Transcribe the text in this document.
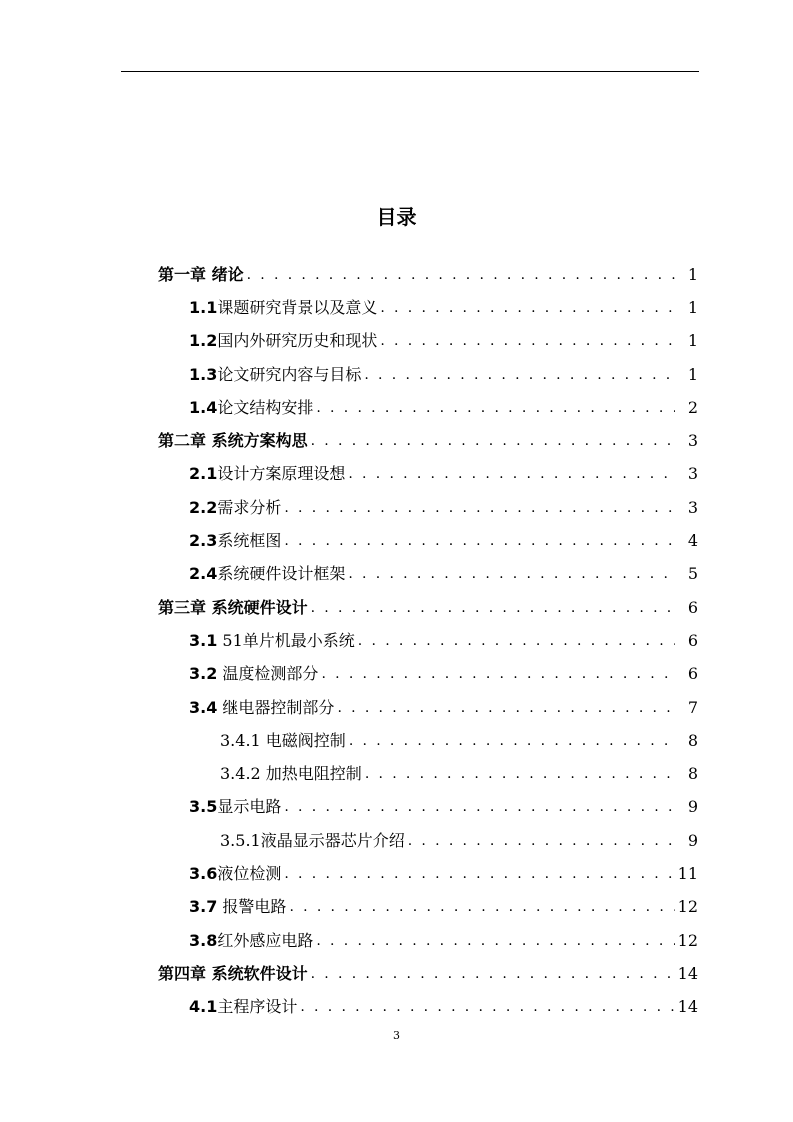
目录
第一章 绪论 . . .	1
1.1 课题研究背景以及意义 . . .	1
1.2 国内外研究历史和现状 . . .	1
1.3 论文研究内容与目标 . . .	1
1.4 论文结构安排 . . .	2
第二章 系统方案构思 . . .	3
2.1 设计方案原理设想 . . .	3
2.2 需求分析 . . .	3
2.3 系统框图 . . .	4
2.4 系统硬件设计框架 . . .	5
第三章 系统硬件设计 . . .	6
3.1 51单片机最小系统 . . .	6
3.2 温度检测部分 . . .	6
3.4 继电器控制部分 . . .	7
3.4.1 电磁阀控制 . . .	8
3.4.2 加热电阻控制 . . .	8
3.5 显示电路 . . .	9
3.5.1 液晶显示器芯片介绍 . . .	9
3.6 液位检测 . . .	11
3.7 报警电路 . . .	12
3.8 红外感应电路 . . .	12
第四章 系统软件设计 . . .	14
4.1 主程序设计 . . .	14
3
